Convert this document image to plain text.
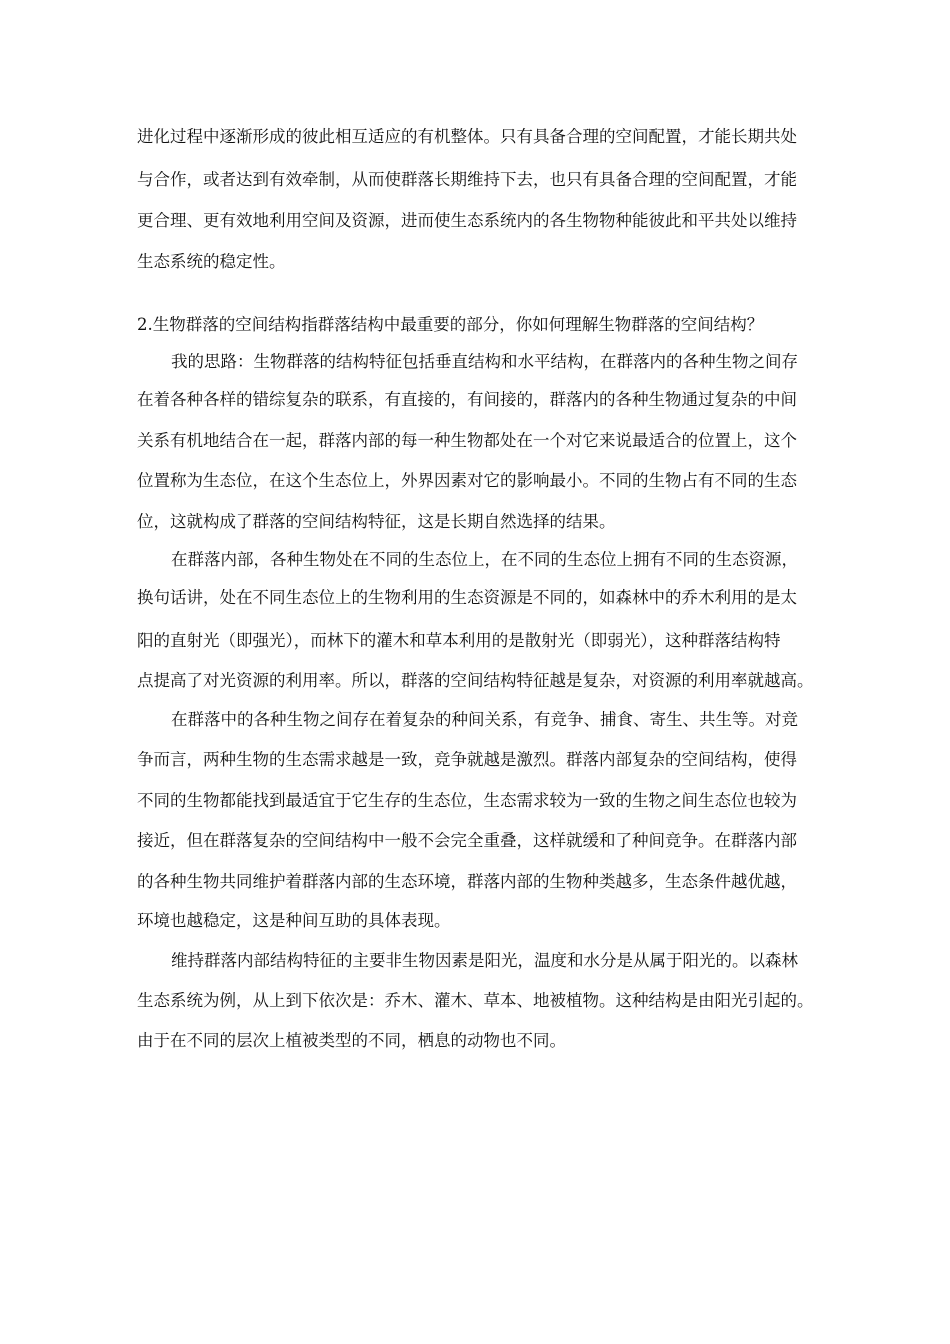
进化过程中逐渐形成的彼此相互适应的有机整体。只有具备合理的空间配置，才能长期共处
与合作，或者达到有效牵制，从而使群落长期维持下去，也只有具备合理的空间配置，才能
更合理、更有效地利用空间及资源，进而使生态系统内的各生物物种能彼此和平共处以维持
生态系统的稳定性。
2.生物群落的空间结构指群落结构中最重要的部分，你如何理解生物群落的空间结构？
我的思路：生物群落的结构特征包括垂直结构和水平结构，在群落内的各种生物之间存
在着各种各样的错综复杂的联系，有直接的，有间接的，群落内的各种生物通过复杂的中间
关系有机地结合在一起，群落内部的每一种生物都处在一个对它来说最适合的位置上，这个
位置称为生态位，在这个生态位上，外界因素对它的影响最小。不同的生物占有不同的生态
位，这就构成了群落的空间结构特征，这是长期自然选择的结果。
在群落内部，各种生物处在不同的生态位上，在不同的生态位上拥有不同的生态资源，
换句话讲，处在不同生态位上的生物利用的生态资源是不同的，如森林中的乔木利用的是太
阳的直射光（即强光），而林下的灌木和草本利用的是散射光（即弱光），这种群落结构特
点提高了对光资源的利用率。所以，群落的空间结构特征越是复杂，对资源的利用率就越高。
在群落中的各种生物之间存在着复杂的种间关系，有竞争、捕食、寄生、共生等。对竞
争而言，两种生物的生态需求越是一致，竞争就越是激烈。群落内部复杂的空间结构，使得
不同的生物都能找到最适宜于它生存的生态位，生态需求较为一致的生物之间生态位也较为
接近，但在群落复杂的空间结构中一般不会完全重叠，这样就缓和了种间竞争。在群落内部
的各种生物共同维护着群落内部的生态环境，群落内部的生物种类越多，生态条件越优越，
环境也越稳定，这是种间互助的具体表现。
维持群落内部结构特征的主要非生物因素是阳光，温度和水分是从属于阳光的。以森林
生态系统为例，从上到下依次是：乔木、灌木、草本、地被植物。这种结构是由阳光引起的。
由于在不同的层次上植被类型的不同，栖息的动物也不同。
